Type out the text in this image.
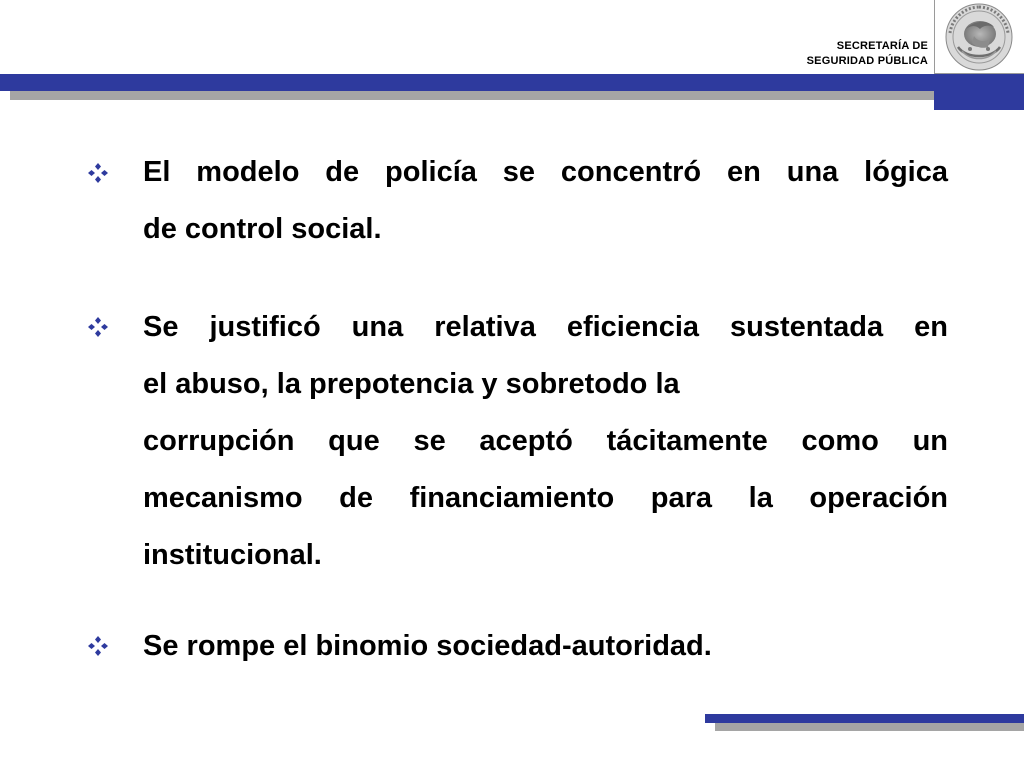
SECRETARÍA DE
SEGURIDAD PÚBLICA
El modelo de policía se concentró en una lógica
de control social.
Se justificó una relativa eficiencia sustentada en
el abuso, la prepotencia y sobretodo la
corrupción que se aceptó tácitamente como un
mecanismo de financiamiento para la operación
institucional.
Se rompe el binomio sociedad-autoridad.
